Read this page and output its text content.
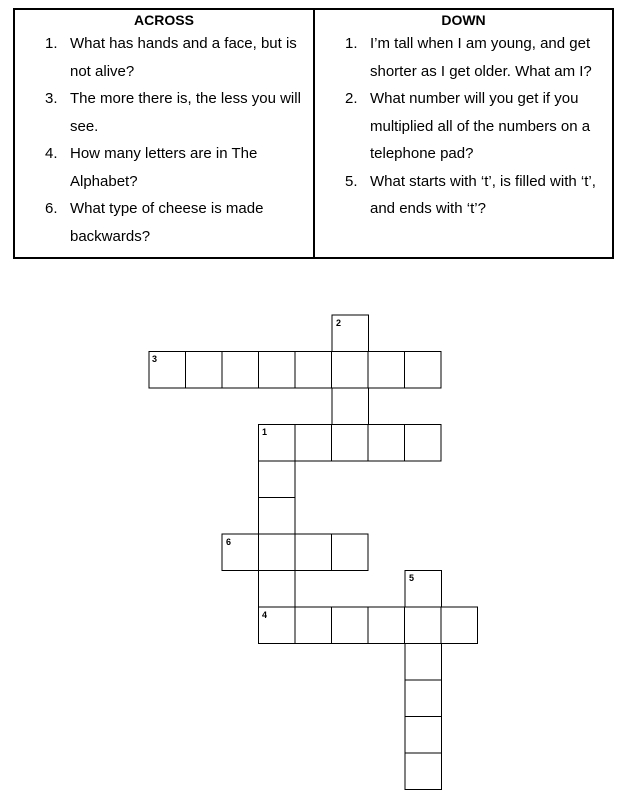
ACROSS
1. What has hands and a face, but is not alive?
3. The more there is, the less you will see.
4. How many letters are in The Alphabet?
6. What type of cheese is made backwards?
DOWN
1. I’m tall when I am young, and get shorter as I get older. What am I?
2. What number will you get if you multiplied all of the numbers on a telephone pad?
5. What starts with ‘t’, is filled with ‘t’, and ends with ‘t’?
2
3
1
6
5
4
